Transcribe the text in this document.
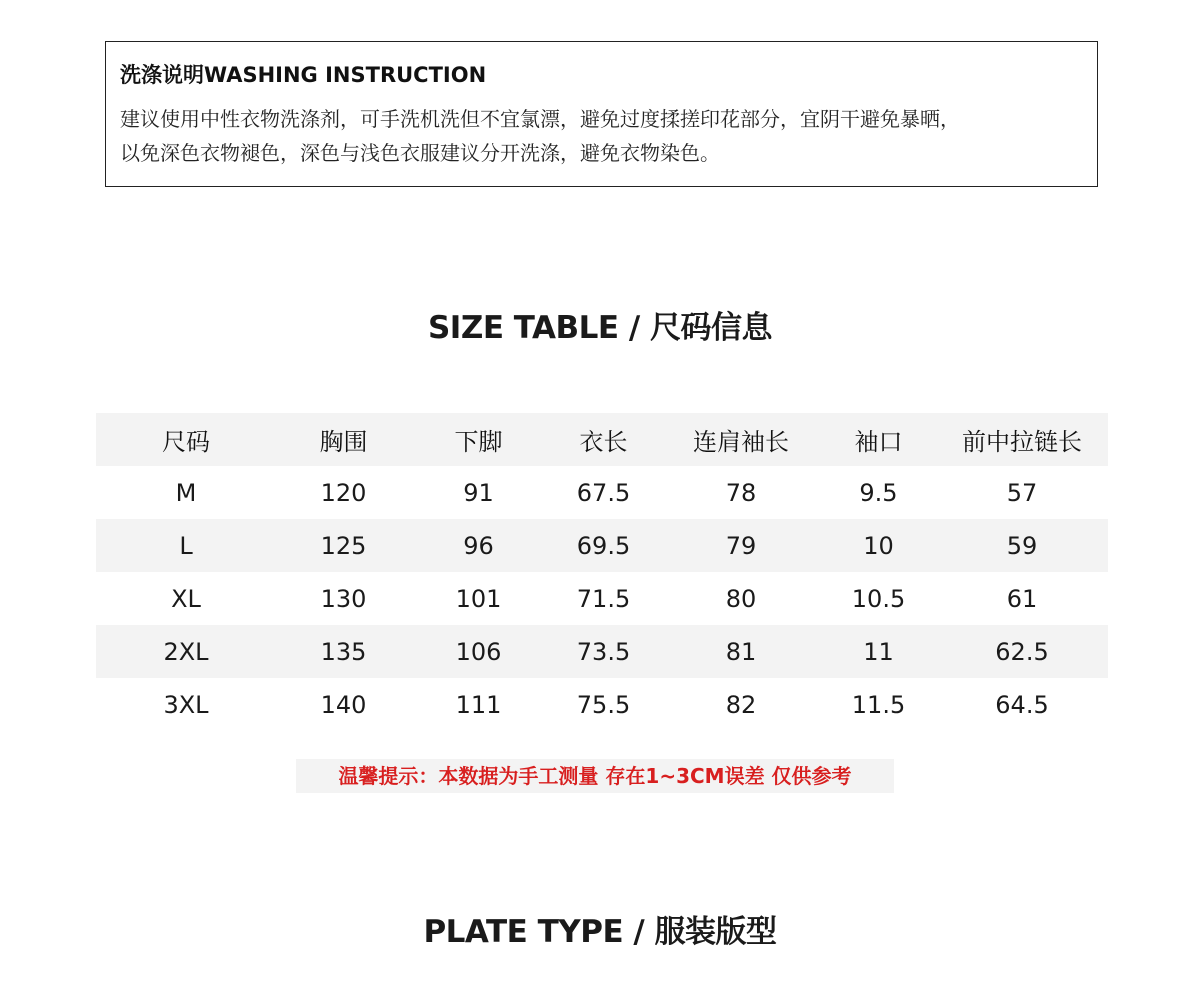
洗涤说明WASHING INSTRUCTION
建议使用中性衣物洗涤剂，可手洗机洗但不宜氯漂，避免过度揉搓印花部分，宜阴干避免暴晒，
以免深色衣物褪色，深色与浅色衣服建议分开洗涤，避免衣物染色。
SIZE TABLE / 尺码信息
尺码	胸围	下脚	衣长	连肩袖长	袖口	前中拉链长
M	120	91	67.5	78	9.5	57
L	125	96	69.5	79	10	59
XL	130	101	71.5	80	10.5	61
2XL	135	106	73.5	81	11	62.5
3XL	140	111	75.5	82	11.5	64.5
温馨提示：本数据为手工测量 存在1~3CM误差 仅供参考
PLATE TYPE / 服装版型
